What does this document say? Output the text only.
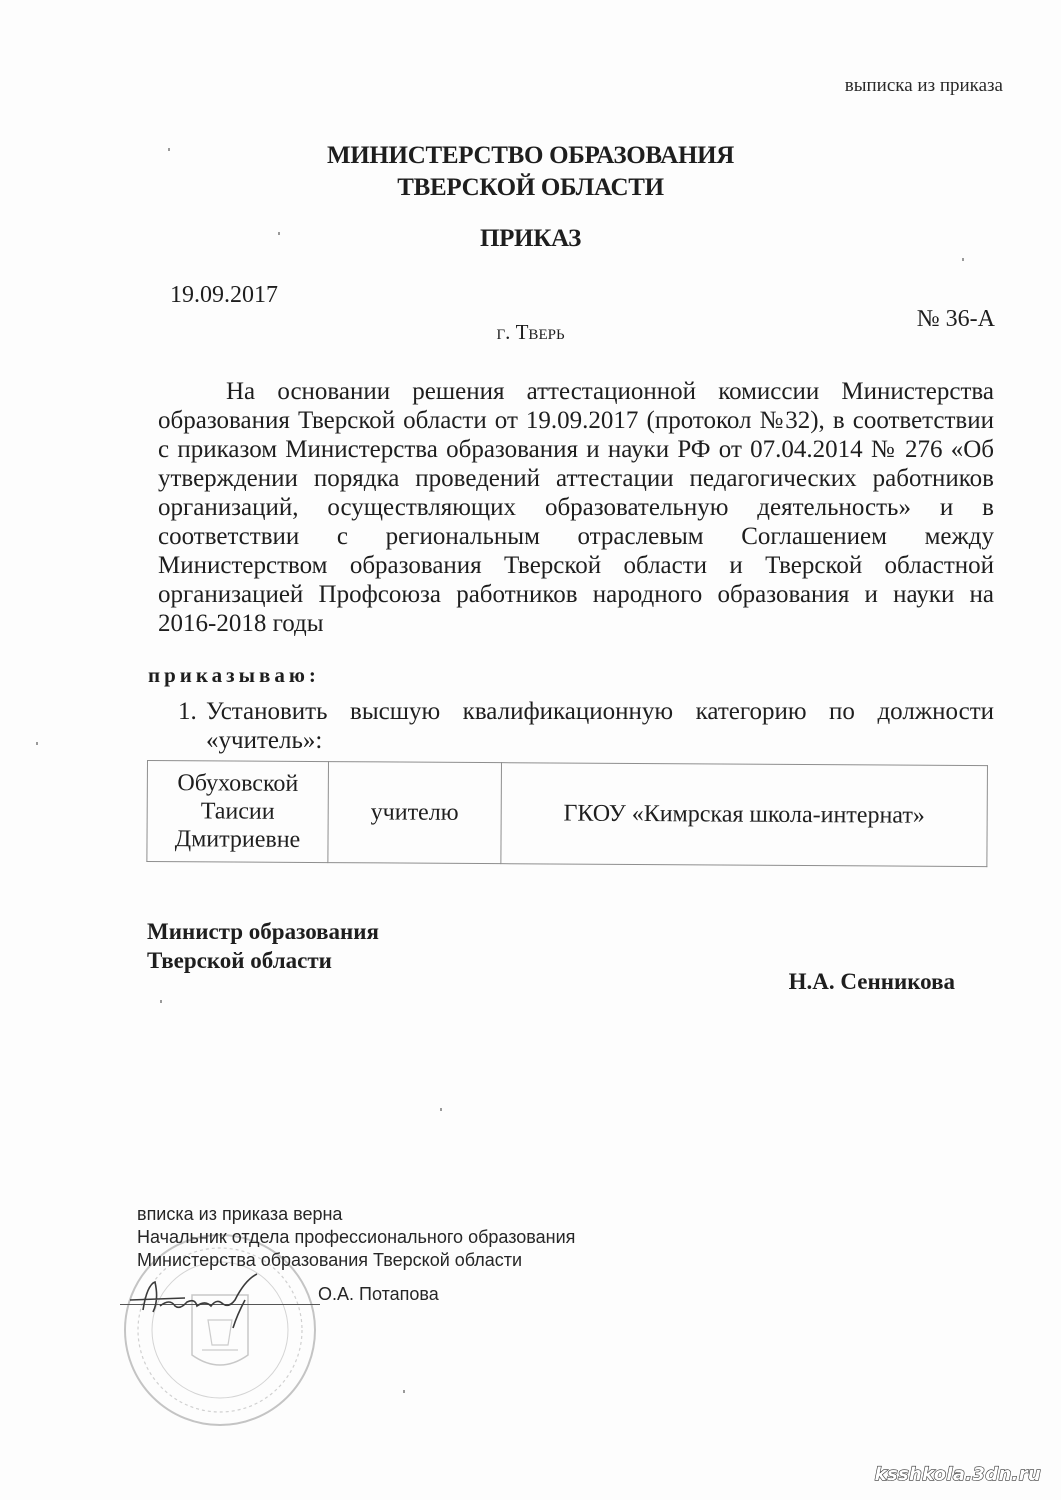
выписка из приказа
МИНИСТЕРСТВО ОБРАЗОВАНИЯ
ТВЕРСКОЙ ОБЛАСТИ
ПРИКАЗ
19.09.2017
№ 36-А
г. Тверь
На основании решения аттестационной комиссии Министерства образования Тверской области от 19.09.2017 (протокол №32), в соответствии с приказом Министерства образования и науки РФ от 07.04.2014 № 276 «Об утверждении порядка проведений аттестации педагогических работников организаций, осуществляющих образовательную деятельность» и в соответствии с региональным отраслевым Соглашением между Министерством образования Тверской области и Тверской областной организацией Профсоюза работников народного образования и науки на 2016-2018 годы
приказываю:
1. Установить высшую квалификационную категорию по должности «учитель»:
Обуховской
Таисии
Дмитриевне
	учителю	ГКОУ «Кимрская школа-интернат»
Министр образования
Тверской области
Н.А. Сенникова
вписка из приказа верна
Начальник отдела профессионального образования
Министерства образования Тверской области
О.А. Потапова
ksshkola.3dn.ru
